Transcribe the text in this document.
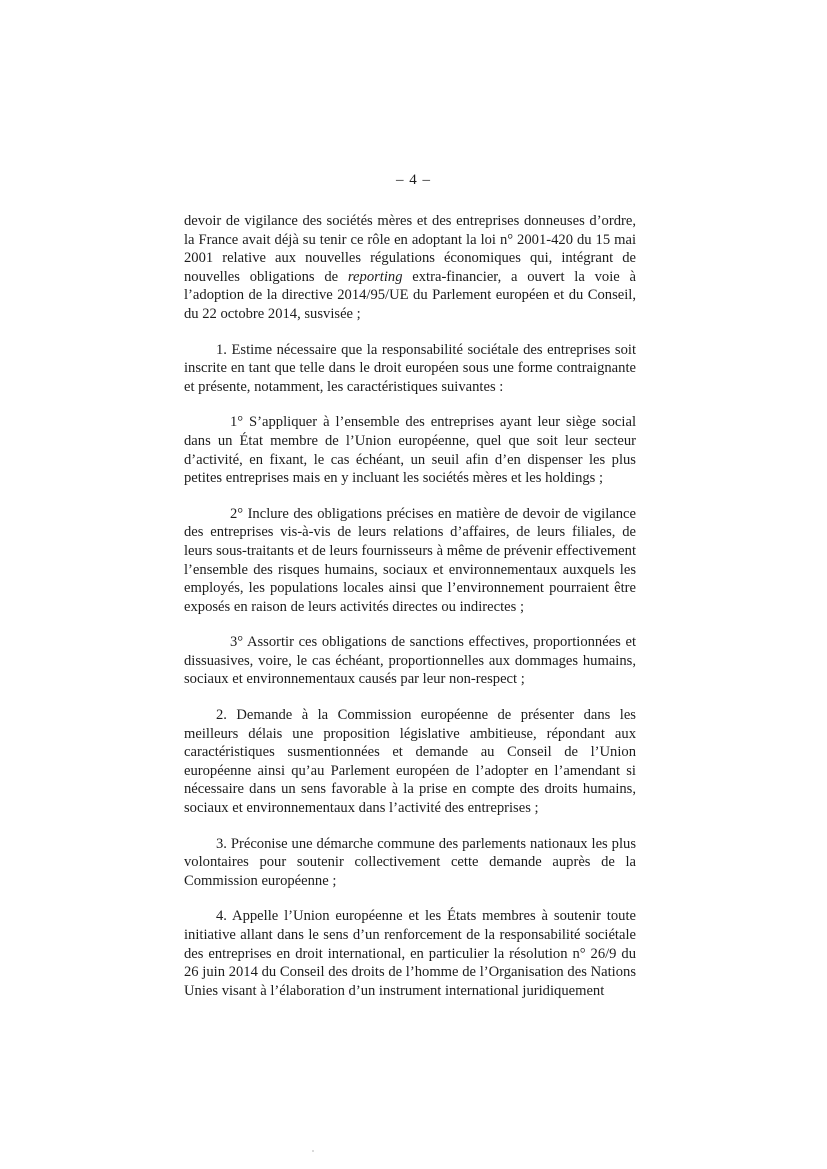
– 4 –

devoir de vigilance des sociétés mères et des entreprises donneuses d’ordre, la France avait déjà su tenir ce rôle en adoptant la loi n° 2001-420 du 15 mai 2001 relative aux nouvelles régulations économiques qui, intégrant de nouvelles obligations de reporting extra-financier, a ouvert la voie à l’adoption de la directive 2014/95/UE du Parlement européen et du Conseil, du 22 octobre 2014, susvisée ;

1. Estime nécessaire que la responsabilité sociétale des entreprises soit inscrite en tant que telle dans le droit européen sous une forme contraignante et présente, notamment, les caractéristiques suivantes :

1° S’appliquer à l’ensemble des entreprises ayant leur siège social dans un État membre de l’Union européenne, quel que soit leur secteur d’activité, en fixant, le cas échéant, un seuil afin d’en dispenser les plus petites entreprises mais en y incluant les sociétés mères et les holdings ;

2° Inclure des obligations précises en matière de devoir de vigilance des entreprises vis-à-vis de leurs relations d’affaires, de leurs filiales, de leurs sous-traitants et de leurs fournisseurs à même de prévenir effectivement l’ensemble des risques humains, sociaux et environnementaux auxquels les employés, les populations locales ainsi que l’environnement pourraient être exposés en raison de leurs activités directes ou indirectes ;

3° Assortir ces obligations de sanctions effectives, proportionnées et dissuasives, voire, le cas échéant, proportionnelles aux dommages humains, sociaux et environnementaux causés par leur non-respect ;

2. Demande à la Commission européenne de présenter dans les meilleurs délais une proposition législative ambitieuse, répondant aux caractéristiques susmentionnées et demande au Conseil de l’Union européenne ainsi qu’au Parlement européen de l’adopter en l’amendant si nécessaire dans un sens favorable à la prise en compte des droits humains, sociaux et environnementaux dans l’activité des entreprises ;

3. Préconise une démarche commune des parlements nationaux les plus volontaires pour soutenir collectivement cette demande auprès de la Commission européenne ;

4. Appelle l’Union européenne et les États membres à soutenir toute initiative allant dans le sens d’un renforcement de la responsabilité sociétale des entreprises en droit international, en particulier la résolution n° 26/9 du 26 juin 2014 du Conseil des droits de l’homme de l’Organisation des Nations Unies visant à l’élaboration d’un instrument international juridiquement
